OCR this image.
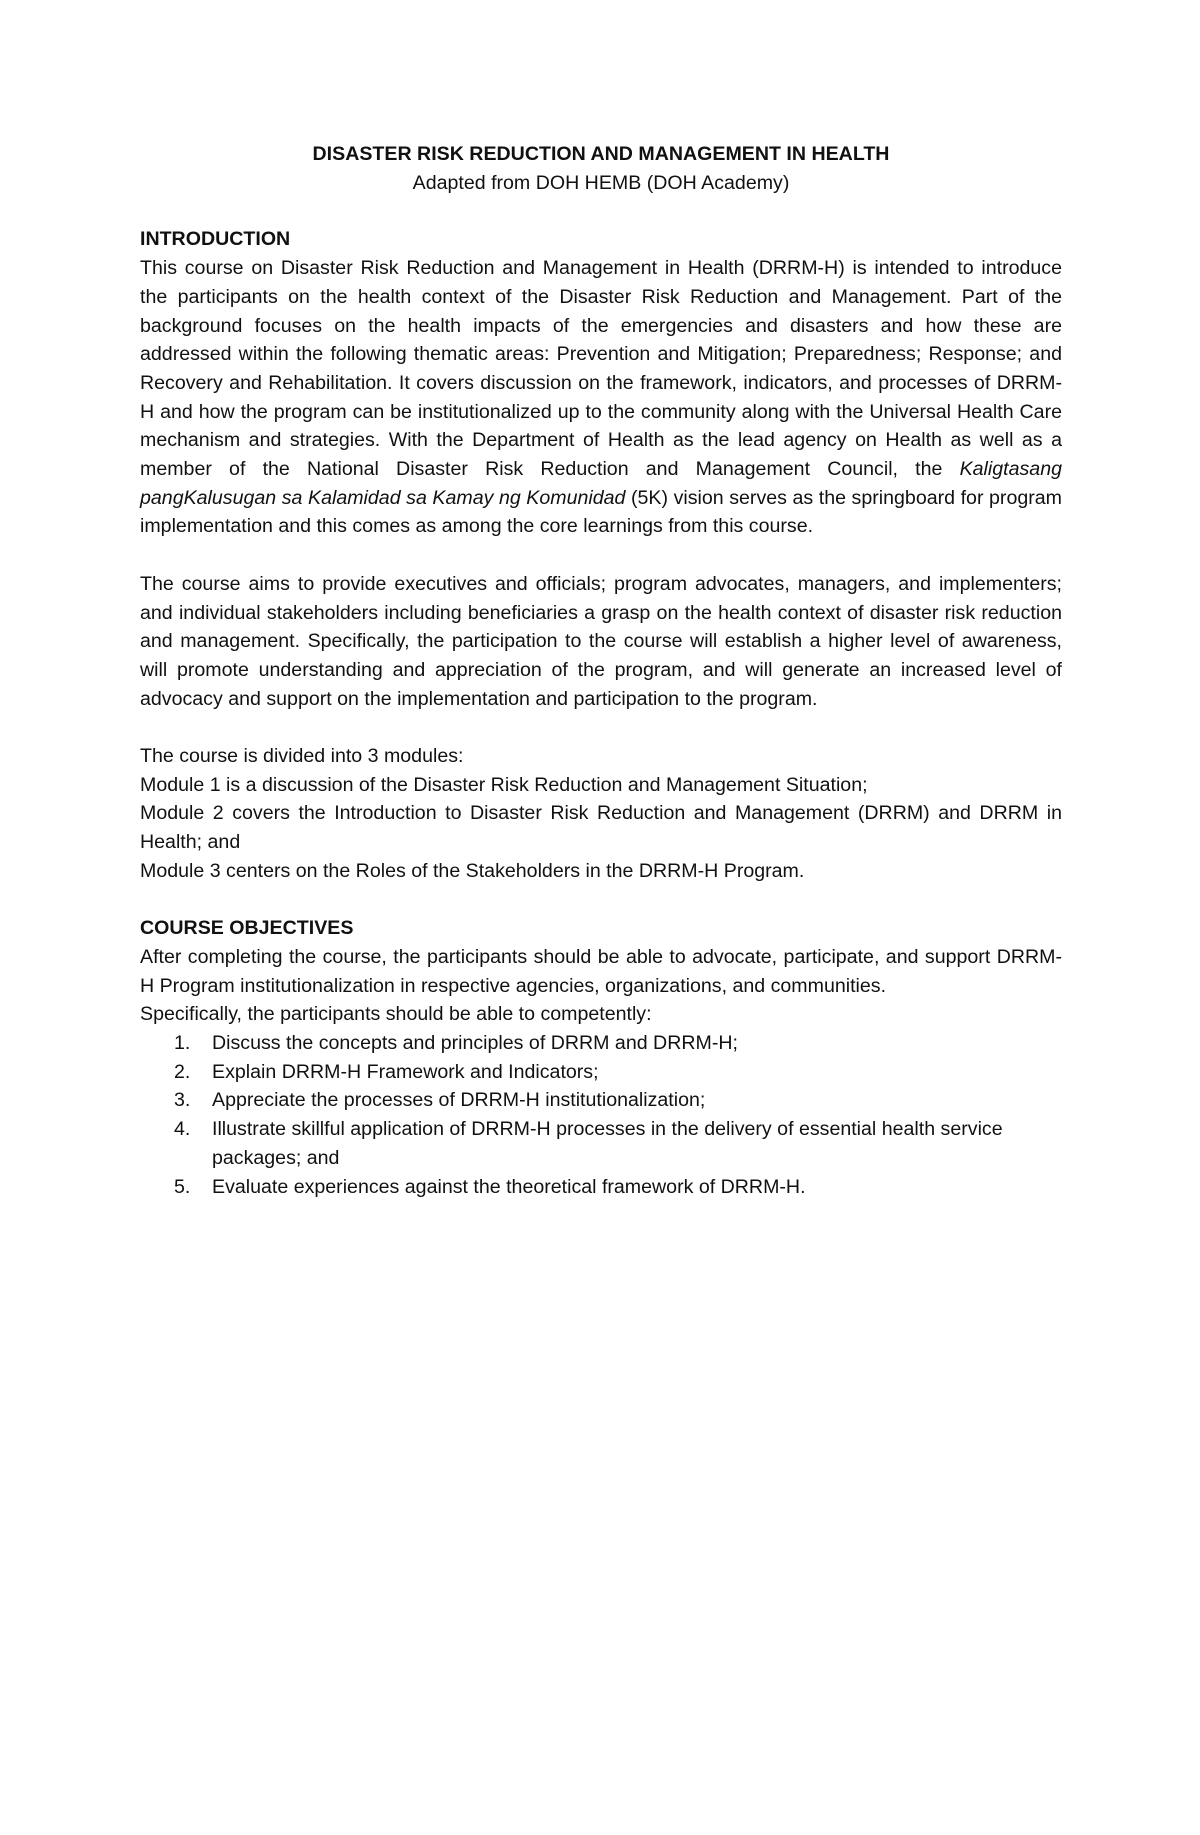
DISASTER RISK REDUCTION AND MANAGEMENT IN HEALTH

Adapted from DOH HEMB (DOH Academy)

INTRODUCTION

This course on Disaster Risk Reduction and Management in Health (DRRM-H) is intended to introduce the participants on the health context of the Disaster Risk Reduction and Management. Part of the background focuses on the health impacts of the emergencies and disasters and how these are addressed within the following thematic areas: Prevention and Mitigation; Preparedness; Response; and Recovery and Rehabilitation. It covers discussion on the framework, indicators, and processes of DRRM-H and how the program can be institutionalized up to the community along with the Universal Health Care mechanism and strategies. With the Department of Health as the lead agency on Health as well as a member of the National Disaster Risk Reduction and Management Council, the Kaligtasang pangKalusugan sa Kalamidad sa Kamay ng Komunidad (5K) vision serves as the springboard for program implementation and this comes as among the core learnings from this course.

The course aims to provide executives and officials; program advocates, managers, and implementers; and individual stakeholders including beneficiaries a grasp on the health context of disaster risk reduction and management. Specifically, the participation to the course will establish a higher level of awareness, will promote understanding and appreciation of the program, and will generate an increased level of advocacy and support on the implementation and participation to the program.

The course is divided into 3 modules:

Module 1 is a discussion of the Disaster Risk Reduction and Management Situation;

Module 2 covers the Introduction to Disaster Risk Reduction and Management (DRRM) and DRRM in Health; and

Module 3 centers on the Roles of the Stakeholders in the DRRM-H Program.

COURSE OBJECTIVES

After completing the course, the participants should be able to advocate, participate, and support DRRM-H Program institutionalization in respective agencies, organizations, and communities.

Specifically, the participants should be able to competently:

1. Discuss the concepts and principles of DRRM and DRRM-H;
2. Explain DRRM-H Framework and Indicators;
3. Appreciate the processes of DRRM-H institutionalization;
4. Illustrate skillful application of DRRM-H processes in the delivery of essential health service packages; and
5. Evaluate experiences against the theoretical framework of DRRM-H.
